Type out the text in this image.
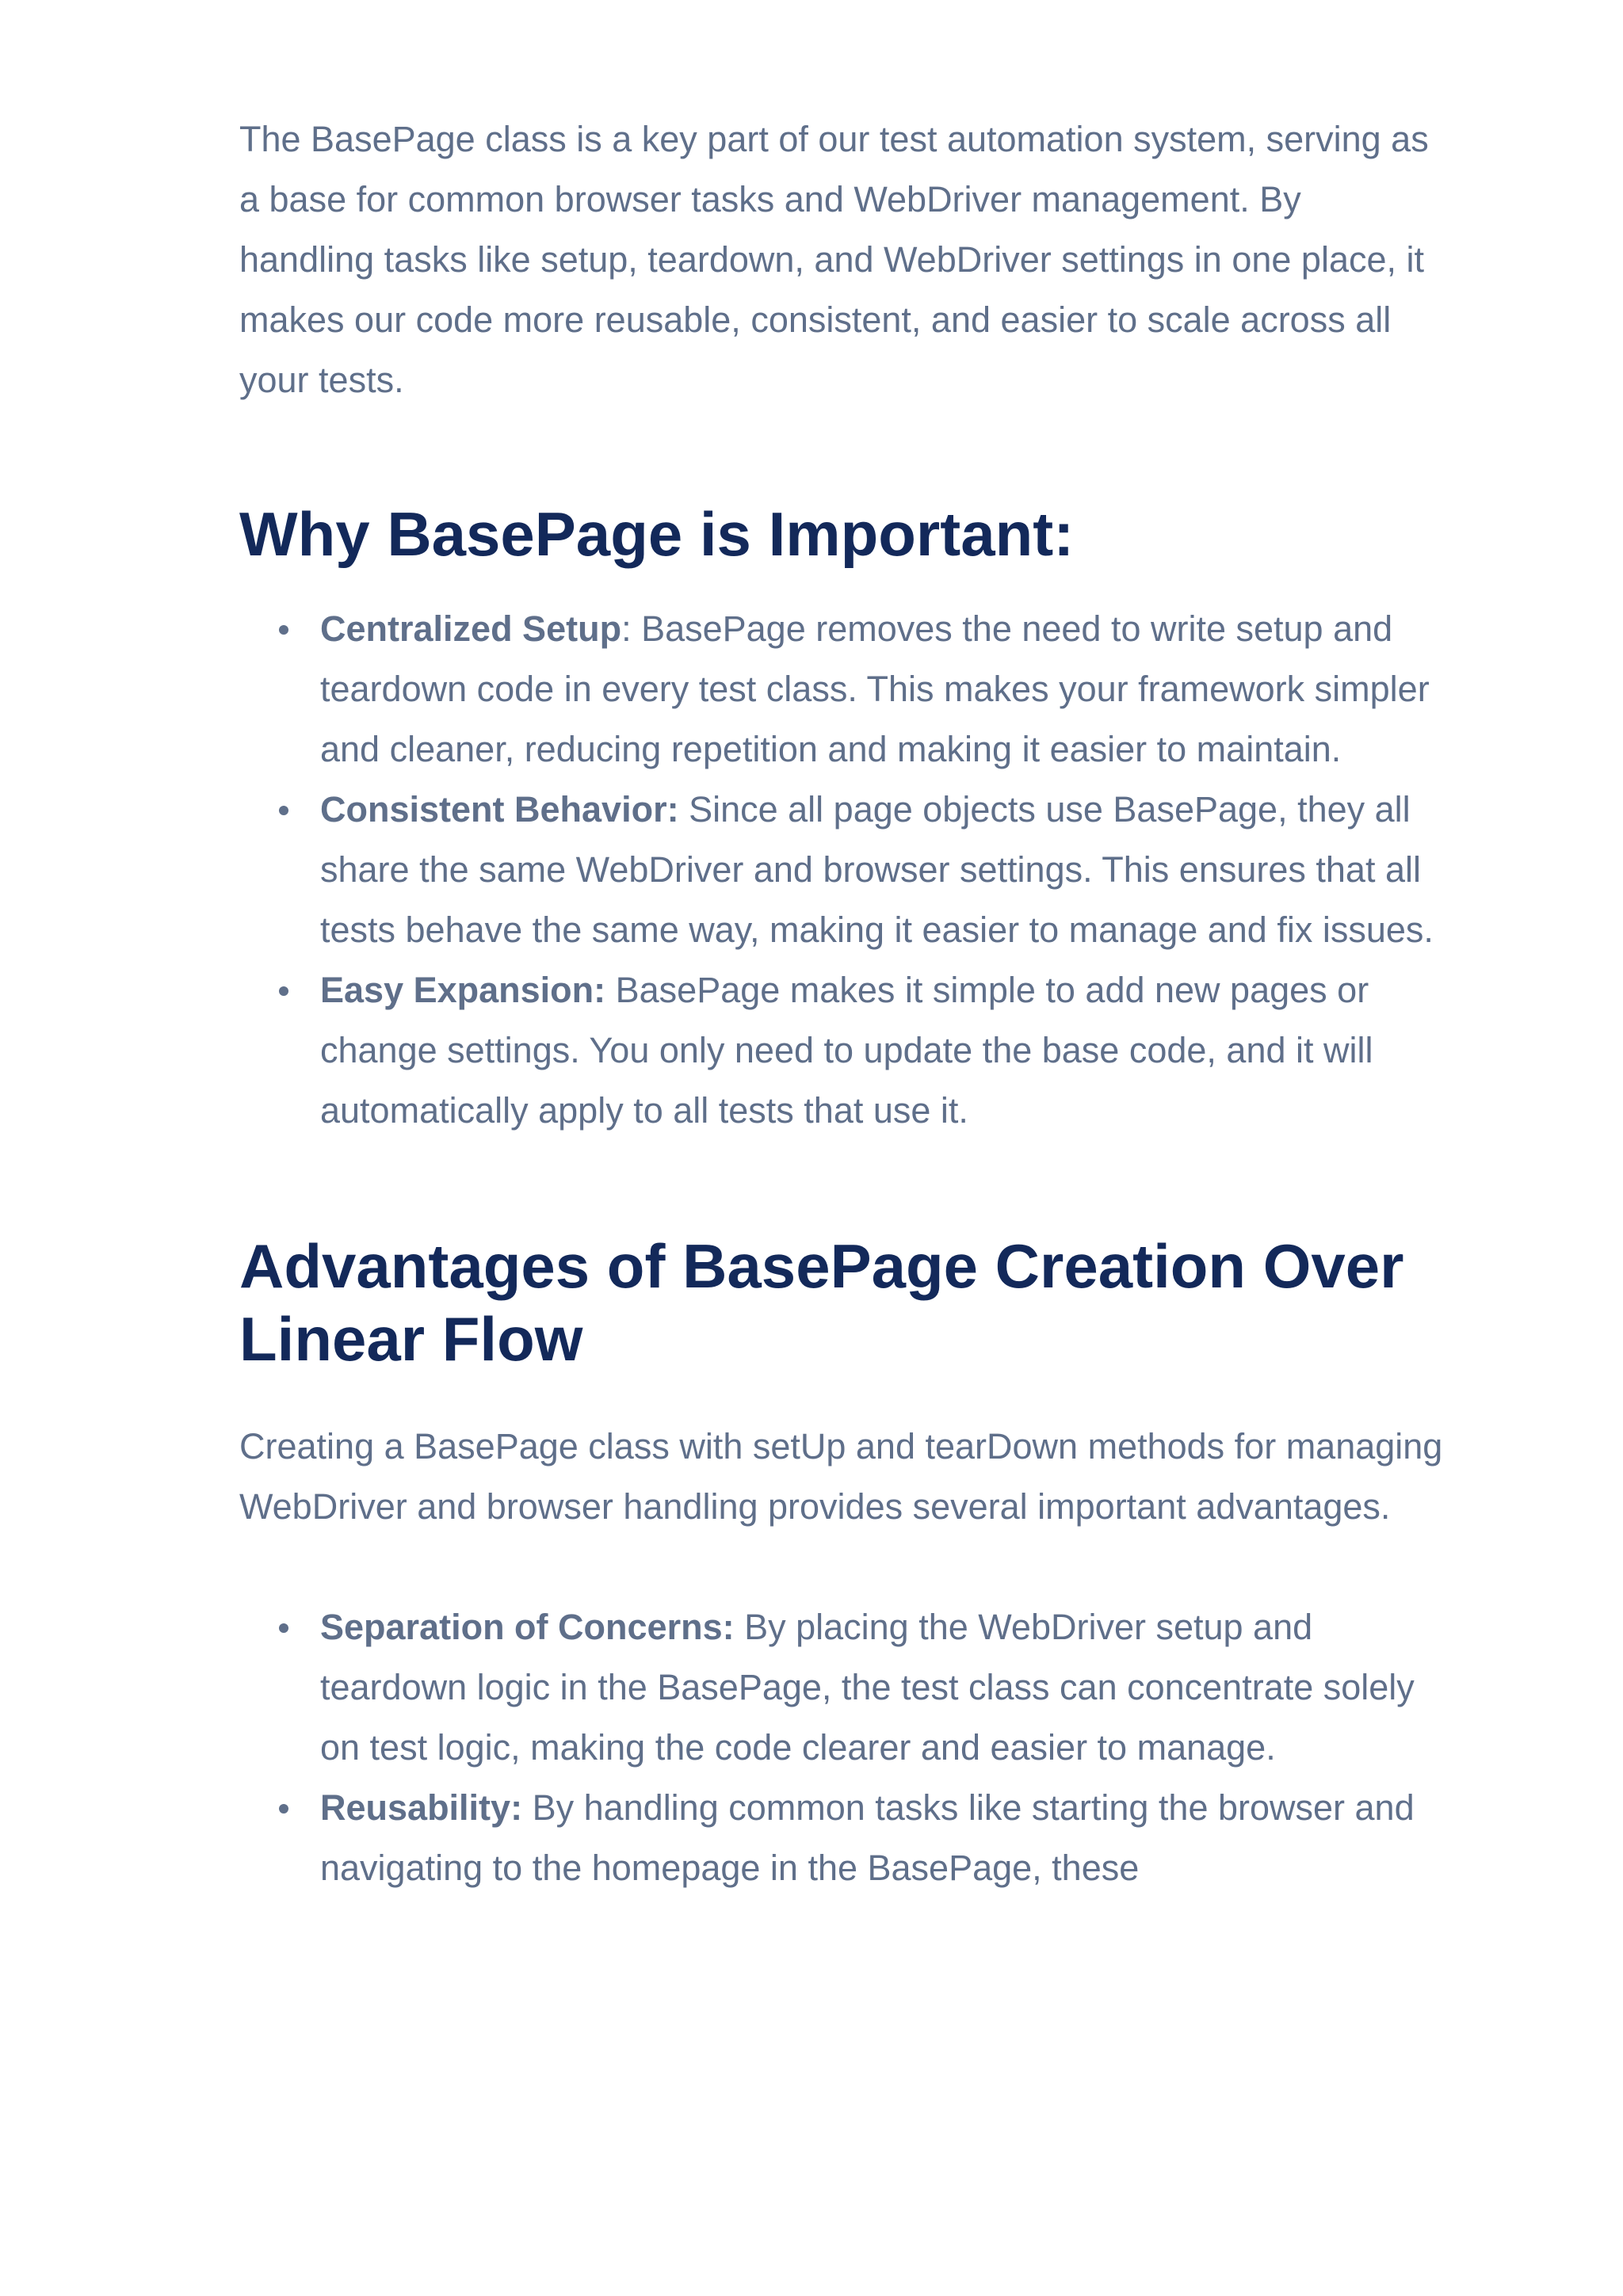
The BasePage class is a key part of our test automation system, serving as a base for common browser tasks and WebDriver management. By handling tasks like setup, teardown, and WebDriver settings in one place, it makes our code more reusable, consistent, and easier to scale across all your tests.

Why BasePage is Important:
Centralized Setup: BasePage removes the need to write setup and teardown code in every test class. This makes your framework simpler and cleaner, reducing repetition and making it easier to maintain.
Consistent Behavior: Since all page objects use BasePage, they all share the same WebDriver and browser settings. This ensures that all tests behave the same way, making it easier to manage and fix issues.
Easy Expansion: BasePage makes it simple to add new pages or change settings. You only need to update the base code, and it will automatically apply to all tests that use it.
Advantages of BasePage Creation Over Linear Flow

Creating a BasePage class with setUp and tearDown methods for managing WebDriver and browser handling provides several important advantages.

Separation of Concerns: By placing the WebDriver setup and teardown logic in the BasePage, the test class can concentrate solely on test logic, making the code clearer and easier to manage.
Reusability: By handling common tasks like starting the browser and navigating to the homepage in the BasePage, these
